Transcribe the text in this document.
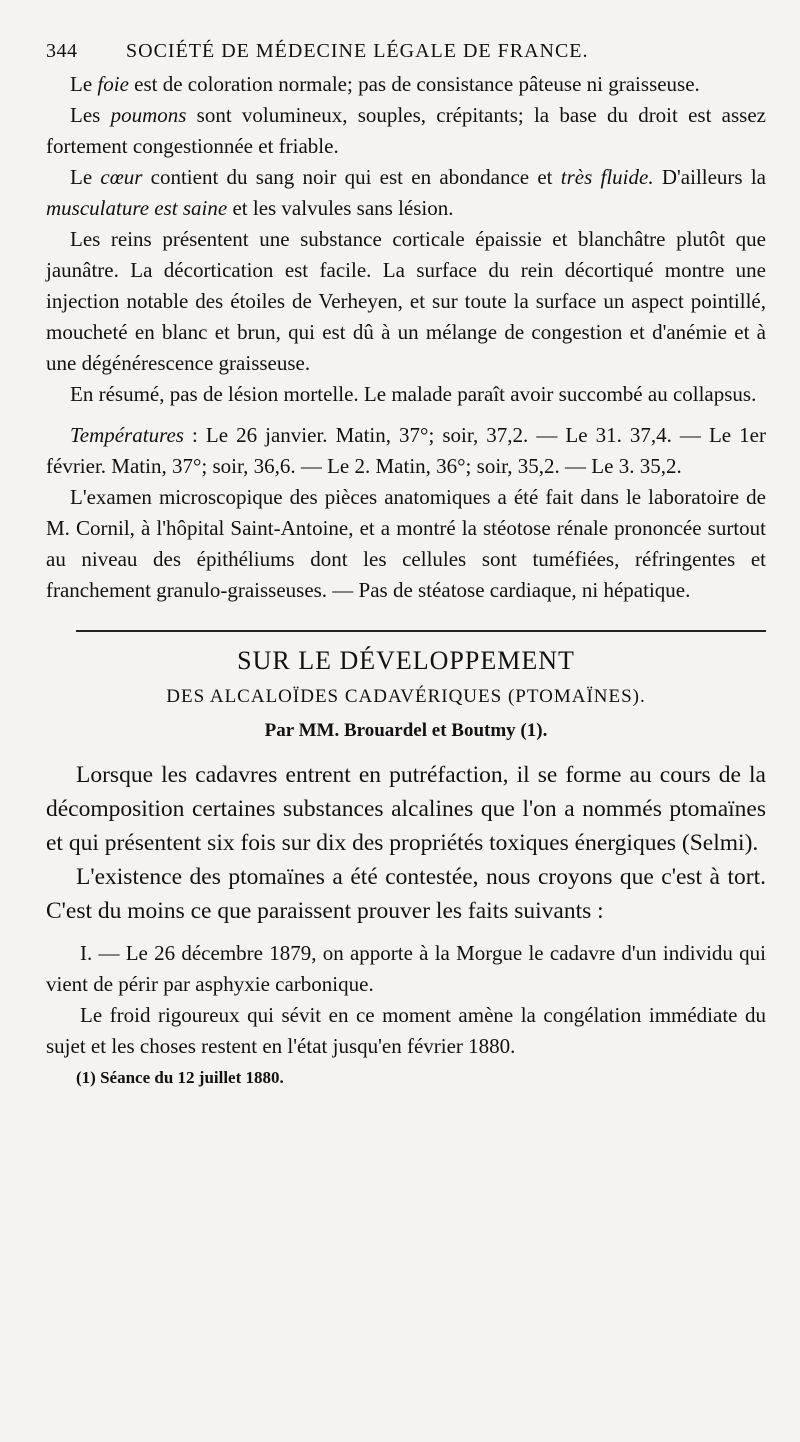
344	SOCIÉTÉ DE MÉDECINE LÉGALE DE FRANCE.

Le foie est de coloration normale; pas de consistance pâteuse ni graisseuse.

Les poumons sont volumineux, souples, crépitants; la base du droit est assez fortement congestionnée et friable.

Le cœur contient du sang noir qui est en abondance et très fluide. D'ailleurs la musculature est saine et les valvules sans lésion.

Les reins présentent une substance corticale épaissie et blanchâtre plutôt que jaunâtre. La décortication est facile. La surface du rein décortiqué montre une injection notable des étoiles de Verheyen, et sur toute la surface un aspect pointillé, moucheté en blanc et brun, qui est dû à un mélange de congestion et d'anémie et à une dégénérescence graisseuse.

En résumé, pas de lésion mortelle. Le malade paraît avoir succombé au collapsus.

Températures : Le 26 janvier. Matin, 37°; soir, 37,2. — Le 31. 37,4. — Le 1er février. Matin, 37°; soir, 36,6. — Le 2. Matin, 36°; soir, 35,2. — Le 3. 35,2.

L'examen microscopique des pièces anatomiques a été fait dans le laboratoire de M. Cornil, à l'hôpital Saint-Antoine, et a montré la stéotose rénale prononcée surtout au niveau des épithéliums dont les cellules sont tuméfiées, réfringentes et franchement granulo-graisseuses. — Pas de stéatose cardiaque, ni hépatique.

SUR LE DÉVELOPPEMENT
DES ALCALOÏDES CADAVÉRIQUES (PTOMAÏNES).
Par MM. Brouardel et Boutmy (1).

Lorsque les cadavres entrent en putréfaction, il se forme au cours de la décomposition certaines substances alcalines que l'on a nommés ptomaïnes et qui présentent six fois sur dix des propriétés toxiques énergiques (Selmi).

L'existence des ptomaïnes a été contestée, nous croyons que c'est à tort. C'est du moins ce que paraissent prouver les faits suivants :

I. — Le 26 décembre 1879, on apporte à la Morgue le cadavre d'un individu qui vient de périr par asphyxie carbonique.

Le froid rigoureux qui sévit en ce moment amène la congélation immédiate du sujet et les choses restent en l'état jusqu'en février 1880.

(1) Séance du 12 juillet 1880.
